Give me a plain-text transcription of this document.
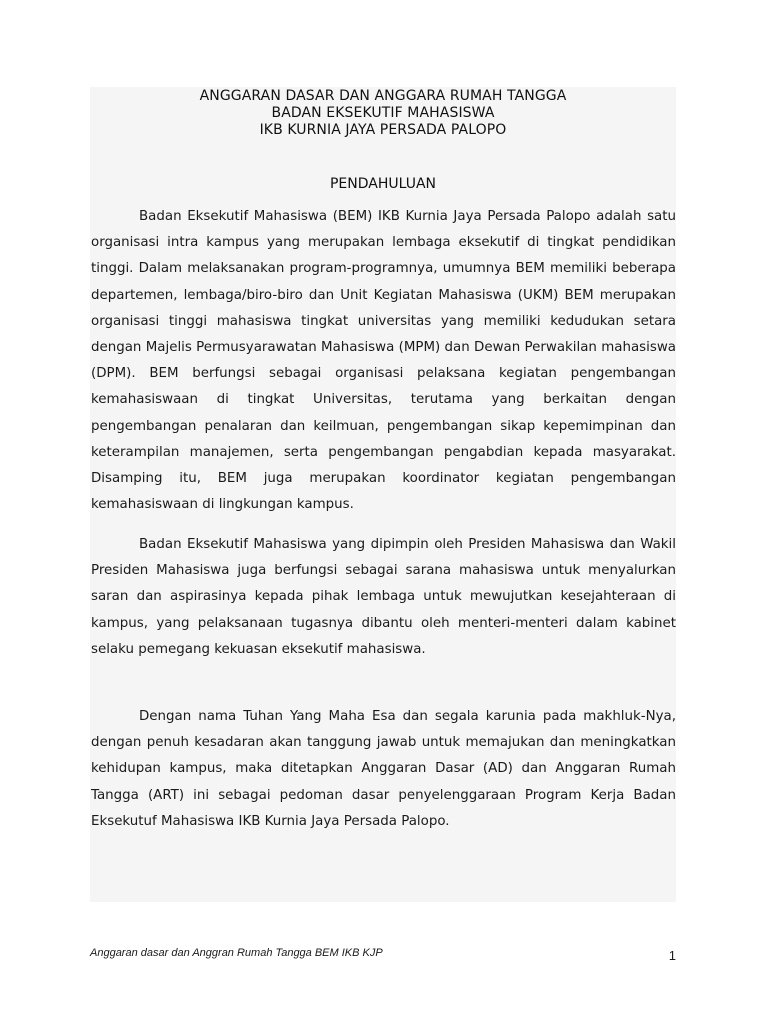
ANGGARAN DASAR DAN ANGGARA RUMAH TANGGA
BADAN EKSEKUTIF MAHASISWA
IKB KURNIA JAYA PERSADA PALOPO
PENDAHULUAN

Badan Eksekutif Mahasiswa (BEM) IKB Kurnia Jaya Persada Palopo adalah satu organisasi intra kampus yang merupakan lembaga eksekutif di tingkat pendidikan tinggi. Dalam melaksanakan program-programnya, umumnya BEM memiliki beberapa departemen, lembaga/biro-biro dan Unit Kegiatan Mahasiswa (UKM) BEM merupakan organisasi tinggi mahasiswa tingkat universitas yang memiliki kedudukan setara dengan Majelis Permusyarawatan Mahasiswa (MPM) dan Dewan Perwakilan mahasiswa (DPM). BEM berfungsi sebagai organisasi pelaksana kegiatan pengembangan kemahasiswaan di tingkat Universitas, terutama yang berkaitan dengan pengembangan penalaran dan keilmuan, pengembangan sikap kepemimpinan dan keterampilan manajemen, serta pengembangan pengabdian kepada masyarakat. Disamping itu, BEM juga merupakan koordinator kegiatan pengembangan kemahasiswaan di lingkungan kampus.

Badan Eksekutif Mahasiswa yang dipimpin oleh Presiden Mahasiswa dan Wakil Presiden Mahasiswa juga berfungsi sebagai sarana mahasiswa untuk menyalurkan saran dan aspirasinya kepada pihak lembaga untuk mewujutkan kesejahteraan di kampus, yang pelaksanaan tugasnya dibantu oleh menteri-menteri dalam kabinet selaku pemegang kekuasan eksekutif mahasiswa.

Dengan nama Tuhan Yang Maha Esa dan segala karunia pada makhluk-Nya, dengan penuh kesadaran akan tanggung jawab untuk memajukan dan meningkatkan kehidupan kampus, maka ditetapkan Anggaran Dasar (AD) dan Anggaran Rumah Tangga (ART) ini sebagai pedoman dasar penyelenggaraan Program Kerja Badan Eksekutuf Mahasiswa IKB Kurnia Jaya Persada Palopo.

Anggaran dasar dan Anggran Rumah Tangga BEM IKB KJP	1
